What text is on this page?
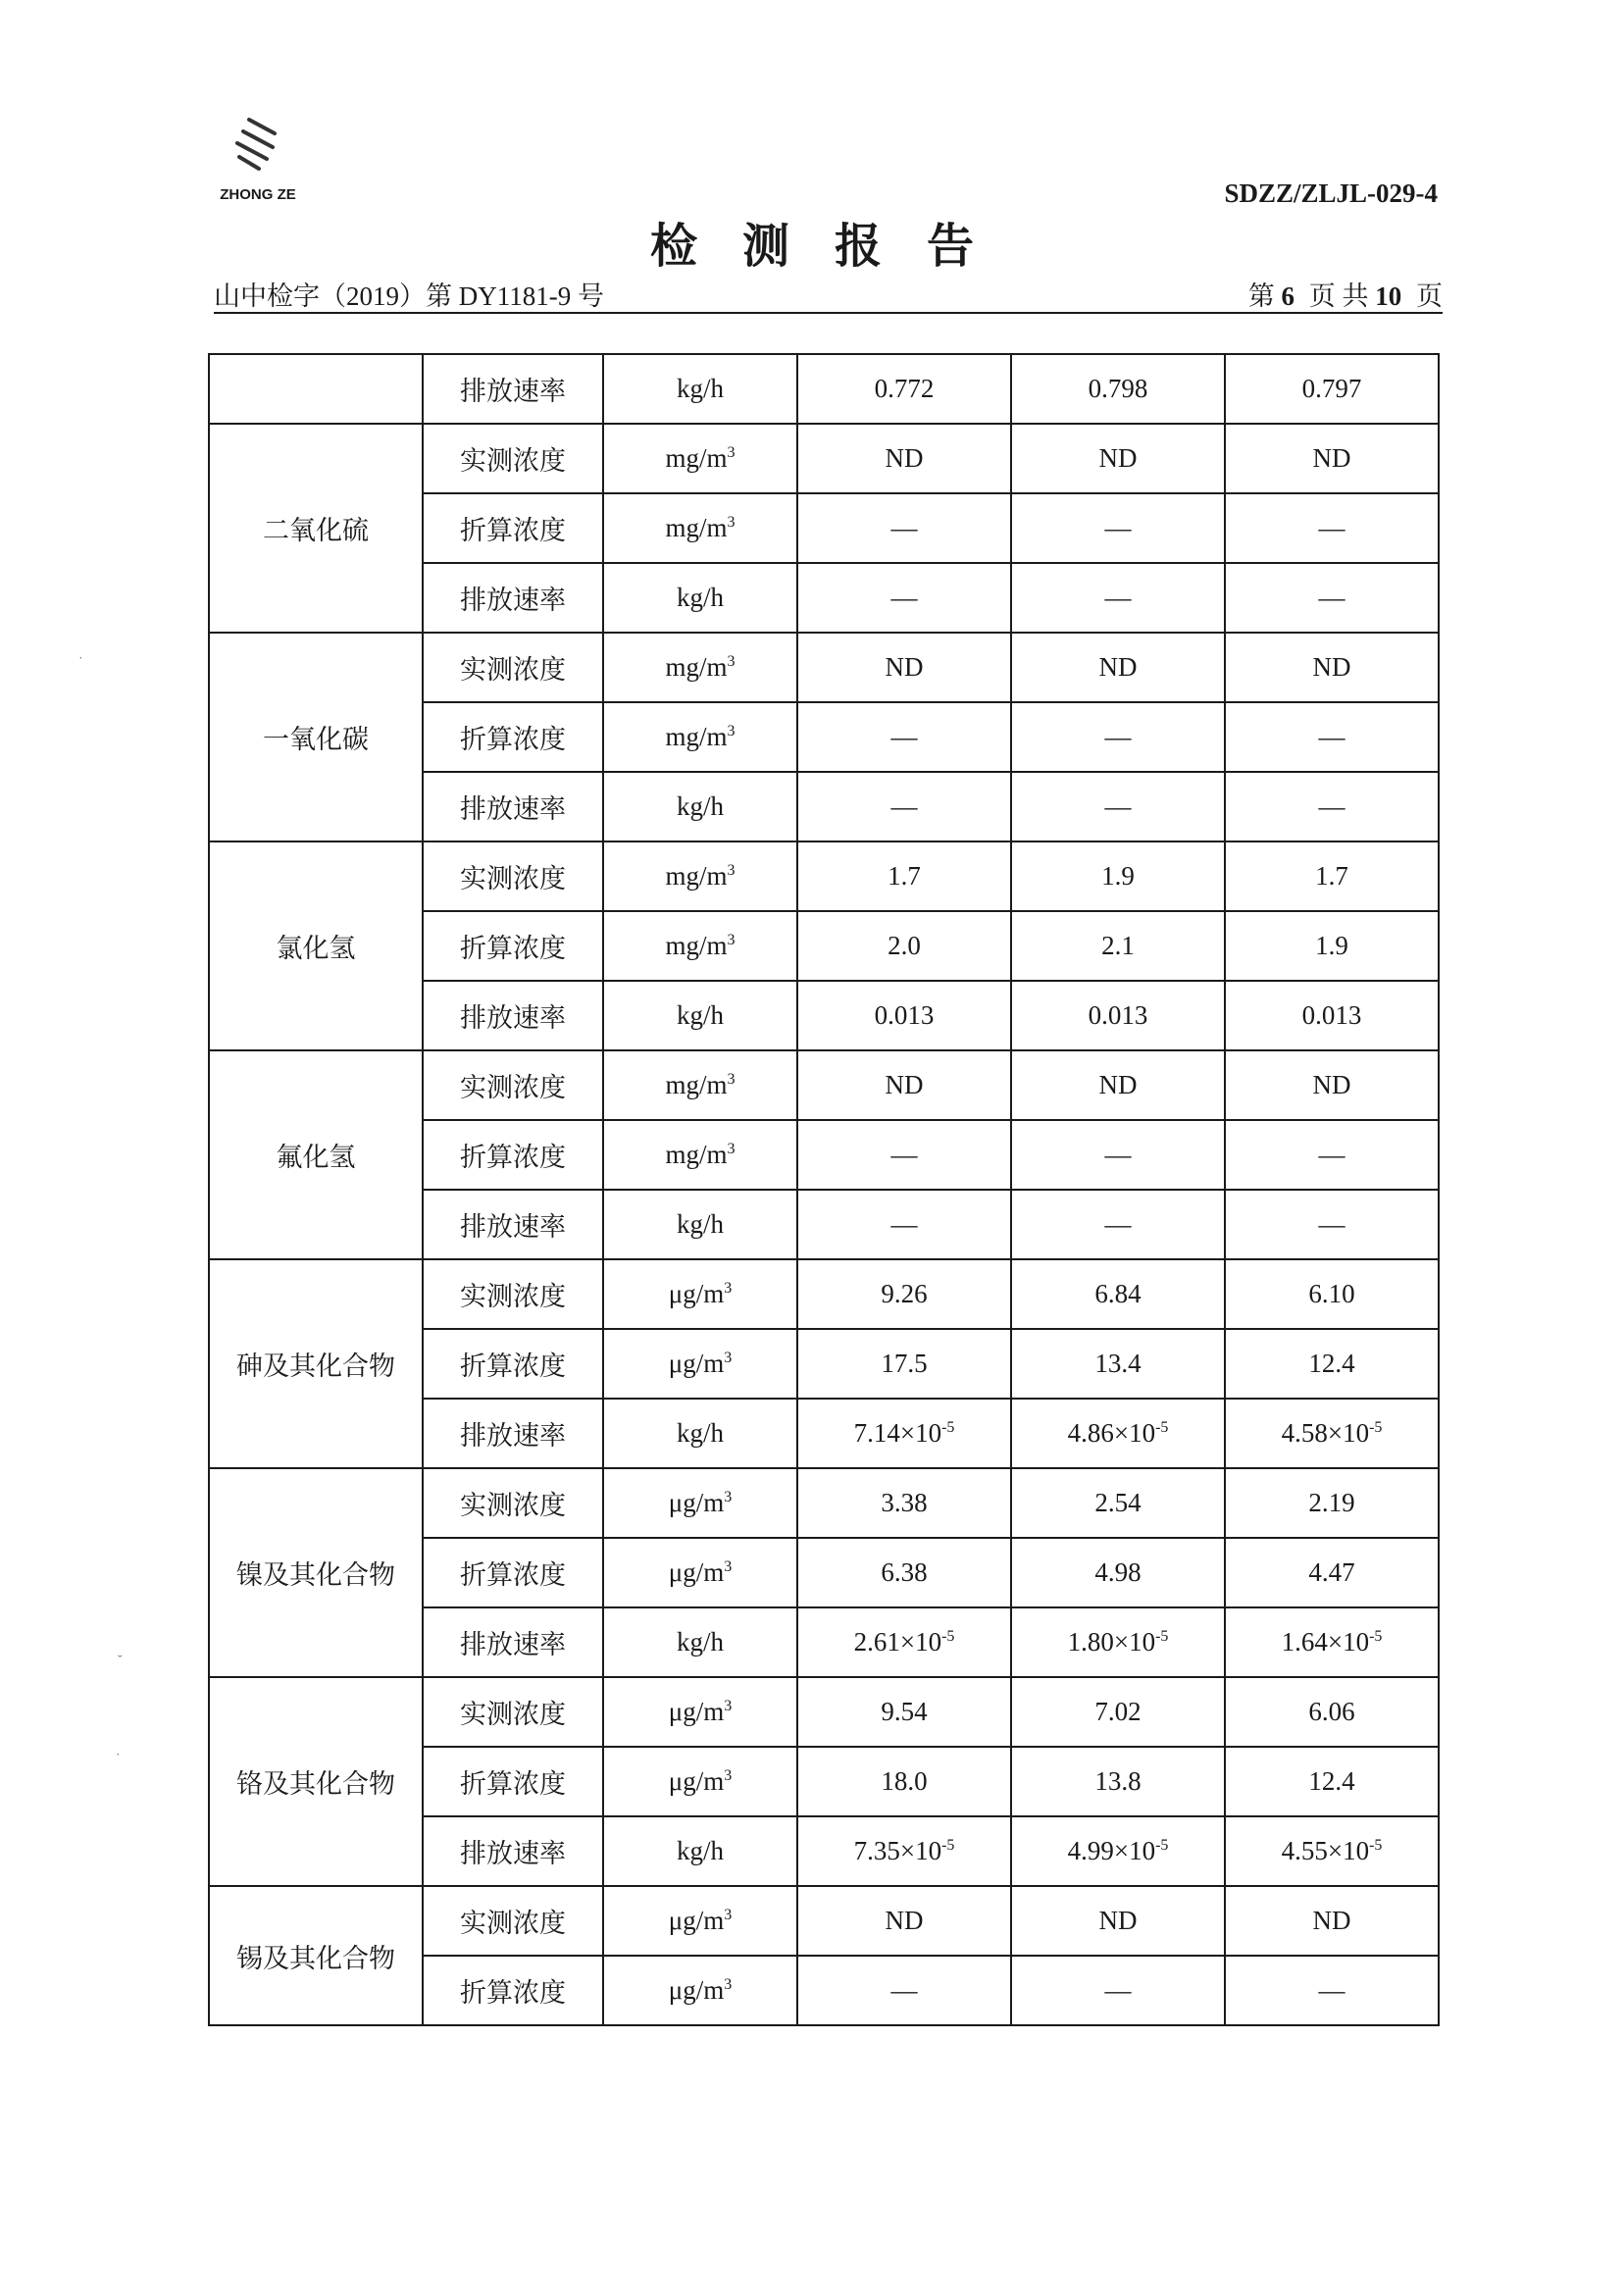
ZHONG ZE	SDZZ/ZLJL-029-4
检测报告
山中检字（2019）第 DY1181-9 号	第 6 页 共 10 页
	排放速率	kg/h	0.772	0.798	0.797
二氧化硫	实测浓度	$mg/m^3$	ND	ND	ND
	折算浓度	$mg/m^3$	—	—	—
	排放速率	kg/h	—	—	—
一氧化碳	实测浓度	$mg/m^3$	ND	ND	ND
	折算浓度	$mg/m^3$	—	—	—
	排放速率	kg/h	—	—	—
氯化氢	实测浓度	$mg/m^3$	1.7	1.9	1.7
	折算浓度	$mg/m^3$	2.0	2.1	1.9
	排放速率	kg/h	0.013	0.013	0.013
氟化氢	实测浓度	$mg/m^3$	ND	ND	ND
	折算浓度	$mg/m^3$	—	—	—
	排放速率	kg/h	—	—	—
砷及其化合物	实测浓度	$\mu g/m^3$	9.26	6.84	6.10
	折算浓度	$\mu g/m^3$	17.5	13.4	12.4
	排放速率	kg/h	$7.14\times 10^{-5}$	$4.86\times 10^{-5}$	$4.58\times 10^{-5}$
镍及其化合物	实测浓度	$\mu g/m^3$	3.38	2.54	2.19
	折算浓度	$\mu g/m^3$	6.38	4.98	4.47
	排放速率	kg/h	$2.61\times 10^{-5}$	$1.80\times 10^{-5}$	$1.64\times 10^{-5}$
铬及其化合物	实测浓度	$\mu g/m^3$	9.54	7.02	6.06
	折算浓度	$\mu g/m^3$	18.0	13.8	12.4
	排放速率	kg/h	$7.35\times 10^{-5}$	$4.99\times 10^{-5}$	$4.55\times 10^{-5}$
锡及其化合物	实测浓度	$\mu g/m^3$	ND	ND	ND
	折算浓度	$\mu g/m^3$	—	—	—
˙
˘
˙
